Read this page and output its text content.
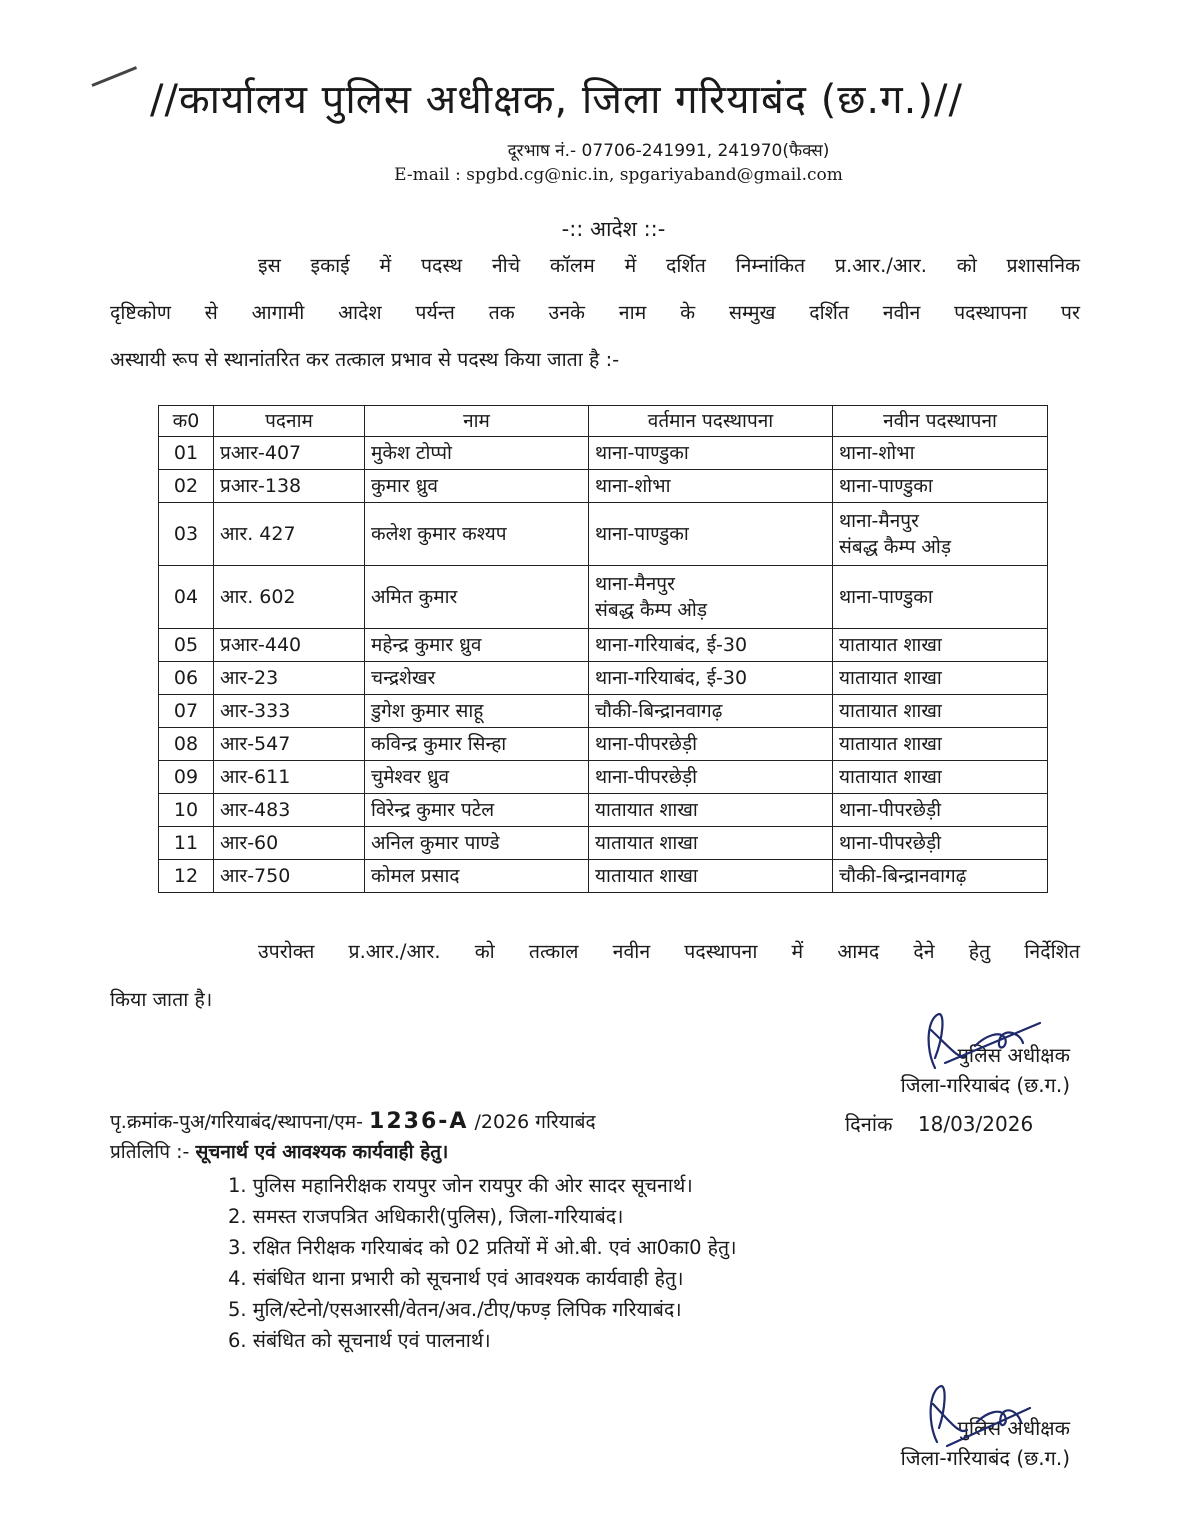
//कार्यालय पुलिस अधीक्षक, जिला गरियाबंद (छ.ग.)//
दूरभाष नं.- 07706-241991, 241970(फैक्स)
E-mail : spgbd.cg@nic.in, spgariyaband@gmail.com
-:: आदेश ::-
इस इकाई में पदस्थ नीचे कॉलम में दर्शित निम्नांकित प्र.आर./आर. को प्रशासनिक
दृष्टिकोण से आगामी आदेश पर्यन्त तक उनके नाम के सम्मुख दर्शित नवीन पदस्थापना पर
अस्थायी रूप से स्थानांतरित कर तत्काल प्रभाव से पदस्थ किया जाता है :-
क0	पदनाम	नाम	वर्तमान पदस्थापना	नवीन पदस्थापना

01	प्रआर-407	मुकेश टोप्पो	थाना-पाण्डुका	थाना-शोभा

02	प्रआर-138	कुमार ध्रुव	थाना-शोभा	थाना-पाण्डुका

03	आर. 427	कलेश कुमार कश्यप	थाना-पाण्डुका	थाना-मैनपुर
संबद्ध कैम्प ओड़

04	आर. 602	अमित कुमार	थाना-मैनपुर
संबद्ध कैम्प ओड़	थाना-पाण्डुका

05	प्रआर-440	महेन्द्र कुमार ध्रुव	थाना-गरियाबंद, ई-30	यातायात शाखा

06	आर-23	चन्द्रशेखर	थाना-गरियाबंद, ई-30	यातायात शाखा

07	आर-333	डुगेश कुमार साहू	चौकी-बिन्द्रानवागढ़	यातायात शाखा

08	आर-547	कविन्द्र कुमार सिन्हा	थाना-पीपरछेड़ी	यातायात शाखा

09	आर-611	चुमेश्वर ध्रुव	थाना-पीपरछेड़ी	यातायात शाखा

10	आर-483	विरेन्द्र कुमार पटेल	यातायात शाखा	थाना-पीपरछेड़ी

11	आर-60	अनिल कुमार पाण्डे	यातायात शाखा	थाना-पीपरछेड़ी

12	आर-750	कोमल प्रसाद	यातायात शाखा	चौकी-बिन्द्रानवागढ़
उपरोक्त प्र.आर./आर. को तत्काल नवीन पदस्थापना में आमद देने हेतु निर्देशित
किया जाता है।
पुलिस अधीक्षक
जिला-गरियाबंद (छ.ग.)
पृ.क्रमांक-पुअ/गरियाबंद/स्थापना/एम- 1236-A /2026 गरियाबंद	दिनांक 18/03/2026
प्रतिलिपि :- सूचनार्थ एवं आवश्यक कार्यवाही हेतु।
1. पुलिस महानिरीक्षक रायपुर जोन रायपुर की ओर सादर सूचनार्थ।
2. समस्त राजपत्रित अधिकारी(पुलिस), जिला-गरियाबंद।
3. रक्षित निरीक्षक गरियाबंद को 02 प्रतियों में ओ.बी. एवं आ0का0 हेतु।
4. संबंधित थाना प्रभारी को सूचनार्थ एवं आवश्यक कार्यवाही हेतु।
5. मुलि/स्टेनो/एसआरसी/वेतन/अव./टीए/फण्ड़ लिपिक गरियाबंद।
6. संबंधित को सूचनार्थ एवं पालनार्थ।
पुलिस अधीक्षक
जिला-गरियाबंद (छ.ग.)
